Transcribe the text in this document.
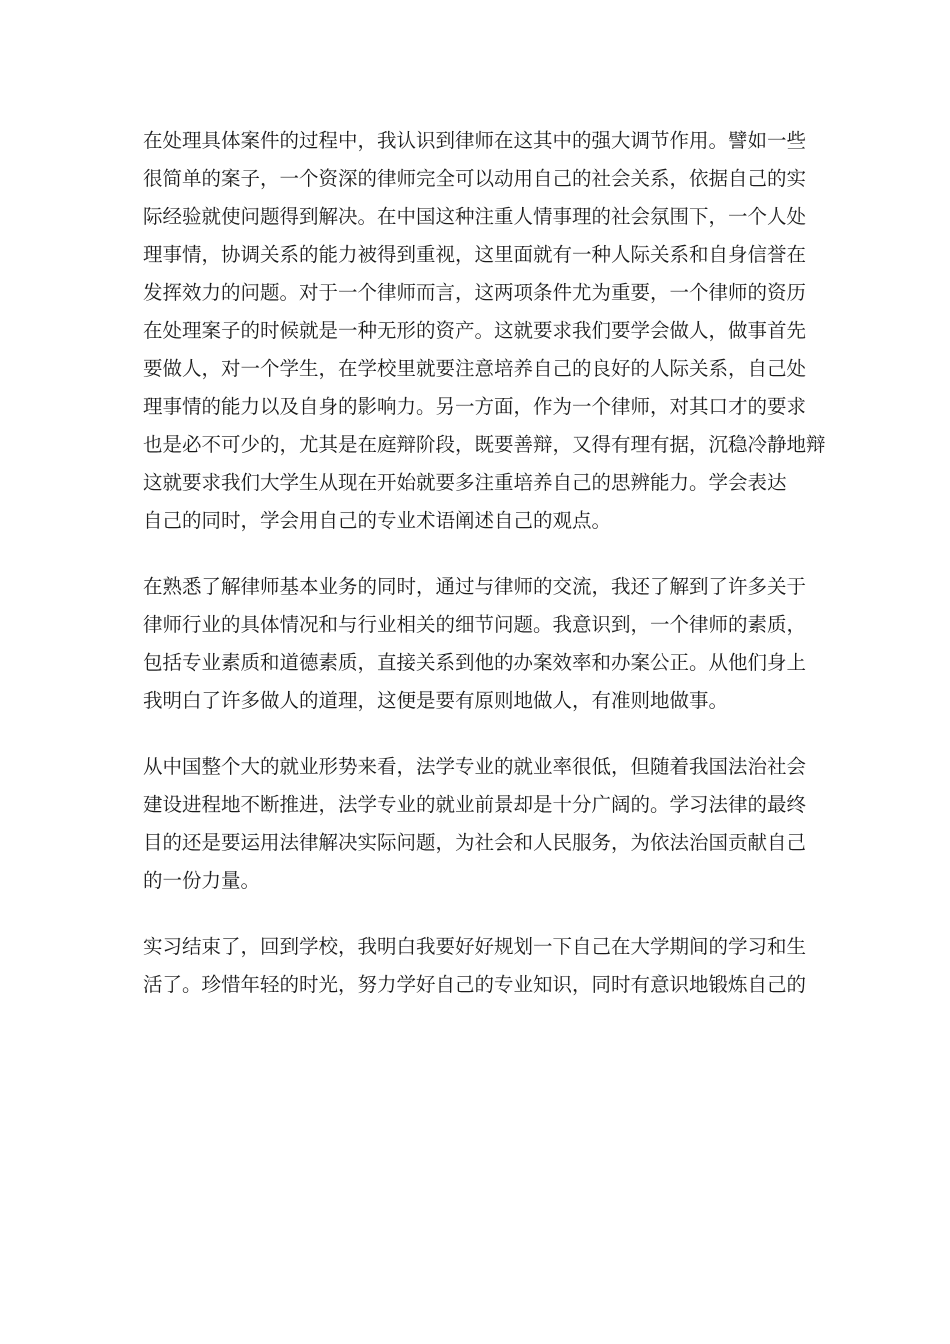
在处理具体案件的过程中，我认识到律师在这其中的强大调节作用。譬如一些
很简单的案子，一个资深的律师完全可以动用自己的社会关系，依据自己的实
际经验就使问题得到解决。在中国这种注重人情事理的社会氛围下，一个人处
理事情，协调关系的能力被得到重视，这里面就有一种人际关系和自身信誉在
发挥效力的问题。对于一个律师而言，这两项条件尤为重要，一个律师的资历
在处理案子的时候就是一种无形的资产。这就要求我们要学会做人，做事首先
要做人，对一个学生，在学校里就要注意培养自己的良好的人际关系，自己处
理事情的能力以及自身的影响力。另一方面，作为一个律师，对其口才的要求
也是必不可少的，尤其是在庭辩阶段，既要善辩，又得有理有据，沉稳冷静地辩
这就要求我们大学生从现在开始就要多注重培养自己的思辨能力。学会表达
自己的同时，学会用自己的专业术语阐述自己的观点。
在熟悉了解律师基本业务的同时，通过与律师的交流，我还了解到了许多关于
律师行业的具体情况和与行业相关的细节问题。我意识到，一个律师的素质，
包括专业素质和道德素质，直接关系到他的办案效率和办案公正。从他们身上
我明白了许多做人的道理，这便是要有原则地做人，有准则地做事。
从中国整个大的就业形势来看，法学专业的就业率很低，但随着我国法治社会
建设进程地不断推进，法学专业的就业前景却是十分广阔的。学习法律的最终
目的还是要运用法律解决实际问题，为社会和人民服务，为依法治国贡献自己
的一份力量。
实习结束了，回到学校，我明白我要好好规划一下自己在大学期间的学习和生
活了。珍惜年轻的时光，努力学好自己的专业知识，同时有意识地锻炼自己的
